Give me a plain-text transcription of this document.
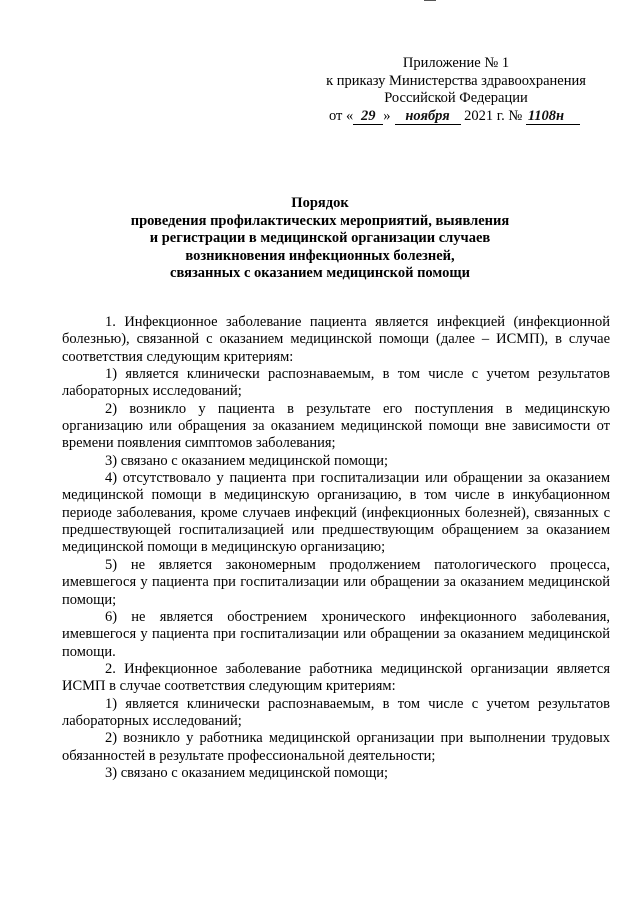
Приложение № 1
к приказу Министерства здравоохранения
Российской Федерации
от « 29 » ноября 2021 г. № 1108н
Порядок
проведения профилактических мероприятий, выявления
и регистрации в медицинской организации случаев
возникновения инфекционных болезней,
связанных с оказанием медицинской помощи

1. Инфекционное заболевание пациента является инфекцией (инфекционной болезнью), связанной с оказанием медицинской помощи (далее – ИСМП), в случае соответствия следующим критериям:

1) является клинически распознаваемым, в том числе с учетом результатов лабораторных исследований;

2) возникло у пациента в результате его поступления в медицинскую организацию или обращения за оказанием медицинской помощи вне зависимости от времени появления симптомов заболевания;

3) связано с оказанием медицинской помощи;

4) отсутствовало у пациента при госпитализации или обращении за оказанием медицинской помощи в медицинскую организацию, в том числе в инкубационном периоде заболевания, кроме случаев инфекций (инфекционных болезней), связанных с предшествующей госпитализацией или предшествующим обращением за оказанием медицинской помощи в медицинскую организацию;

5) не является закономерным продолжением патологического процесса, имевшегося у пациента при госпитализации или обращении за оказанием медицинской помощи;

6) не является обострением хронического инфекционного заболевания, имевшегося у пациента при госпитализации или обращении за оказанием медицинской помощи.

2. Инфекционное заболевание работника медицинской организации является ИСМП в случае соответствия следующим критериям:

1) является клинически распознаваемым, в том числе с учетом результатов лабораторных исследований;

2) возникло у работника медицинской организации при выполнении трудовых обязанностей в результате профессиональной деятельности;

3) связано с оказанием медицинской помощи;
